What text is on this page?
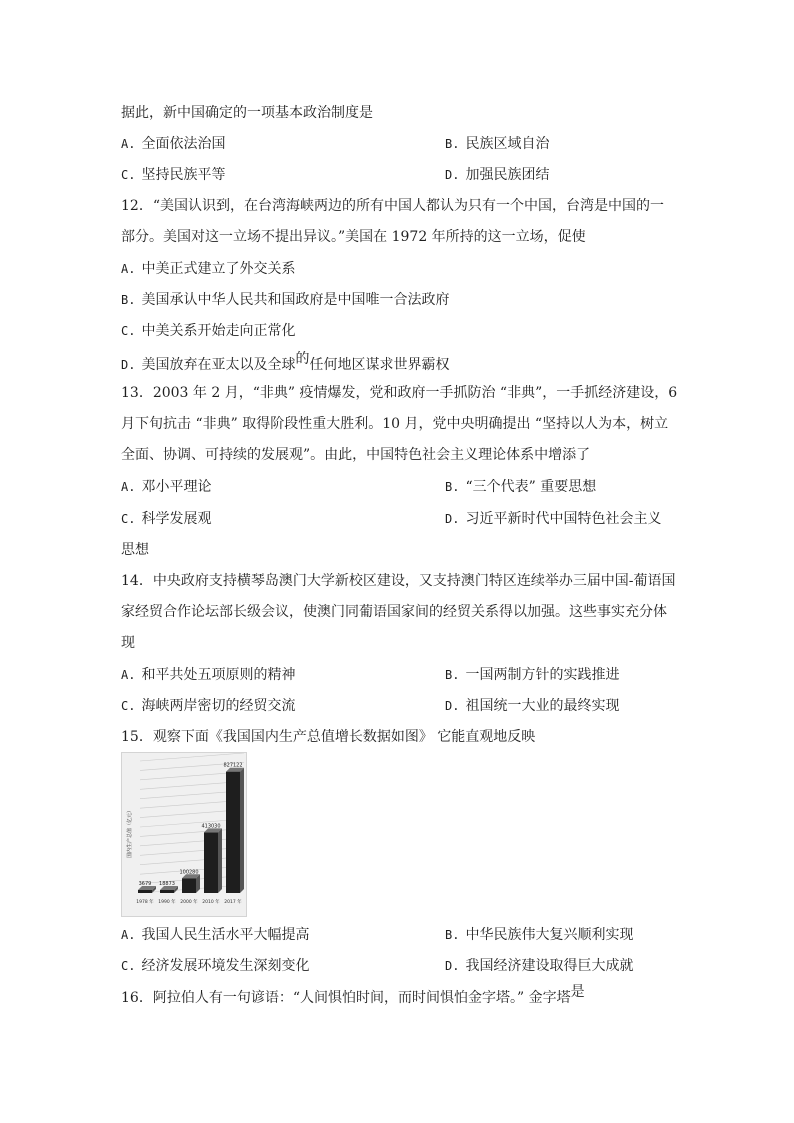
据此，新中国确定的一项基本政治制度是
A. 全面依法治国	B. 民族区域自治
C. 坚持民族平等	D. 加强民族团结
12．“美国认识到，在台湾海峡两边的所有中国人都认为只有一个中国，台湾是中国的一
部分。美国对这一立场不提出异议。”美国在 1972 年所持的这一立场，促使
A. 中美正式建立了外交关系
B. 美国承认中华人民共和国政府是中国唯一合法政府
C. 中美关系开始走向正常化
D. 美国放弃在亚太以及全球的任何地区谋求世界霸权
13．2003 年 2 月，“非典” 疫情爆发，党和政府一手抓防治 “非典”，一手抓经济建设，6
月下旬抗击 “非典” 取得阶段性重大胜利。10 月，党中央明确提出 “坚持以人为本，树立
全面、协调、可持续的发展观”。由此，中国特色社会主义理论体系中增添了
A. 邓小平理论	B. “三个代表” 重要思想
C. 科学发展观	D. 习近平新时代中国特色社会主义
思想
14．中央政府支持横琴岛澳门大学新校区建设，又支持澳门特区连续举办三届中国-葡语国
家经贸合作论坛部长级会议，使澳门同葡语国家间的经贸关系得以加强。这些事实充分体
现
A. 和平共处五项原则的精神	B. 一国两制方针的实践推进
C. 海峡两岸密切的经贸交流	D. 祖国统一大业的最终实现
15．观察下面《我国国内生产总值增长数据如图》 它能直观地反映
国内生产总值（亿元）
3679
1978 年
18873
1990 年
100280
2000 年
413030
2010 年
827122
2017 年
A. 我国人民生活水平大幅提高	B. 中华民族伟大复兴顺利实现
C. 经济发展环境发生深刻变化	D. 我国经济建设取得巨大成就
16．阿拉伯人有一句谚语：“人间惧怕时间，而时间惧怕金字塔。” 金字塔是
